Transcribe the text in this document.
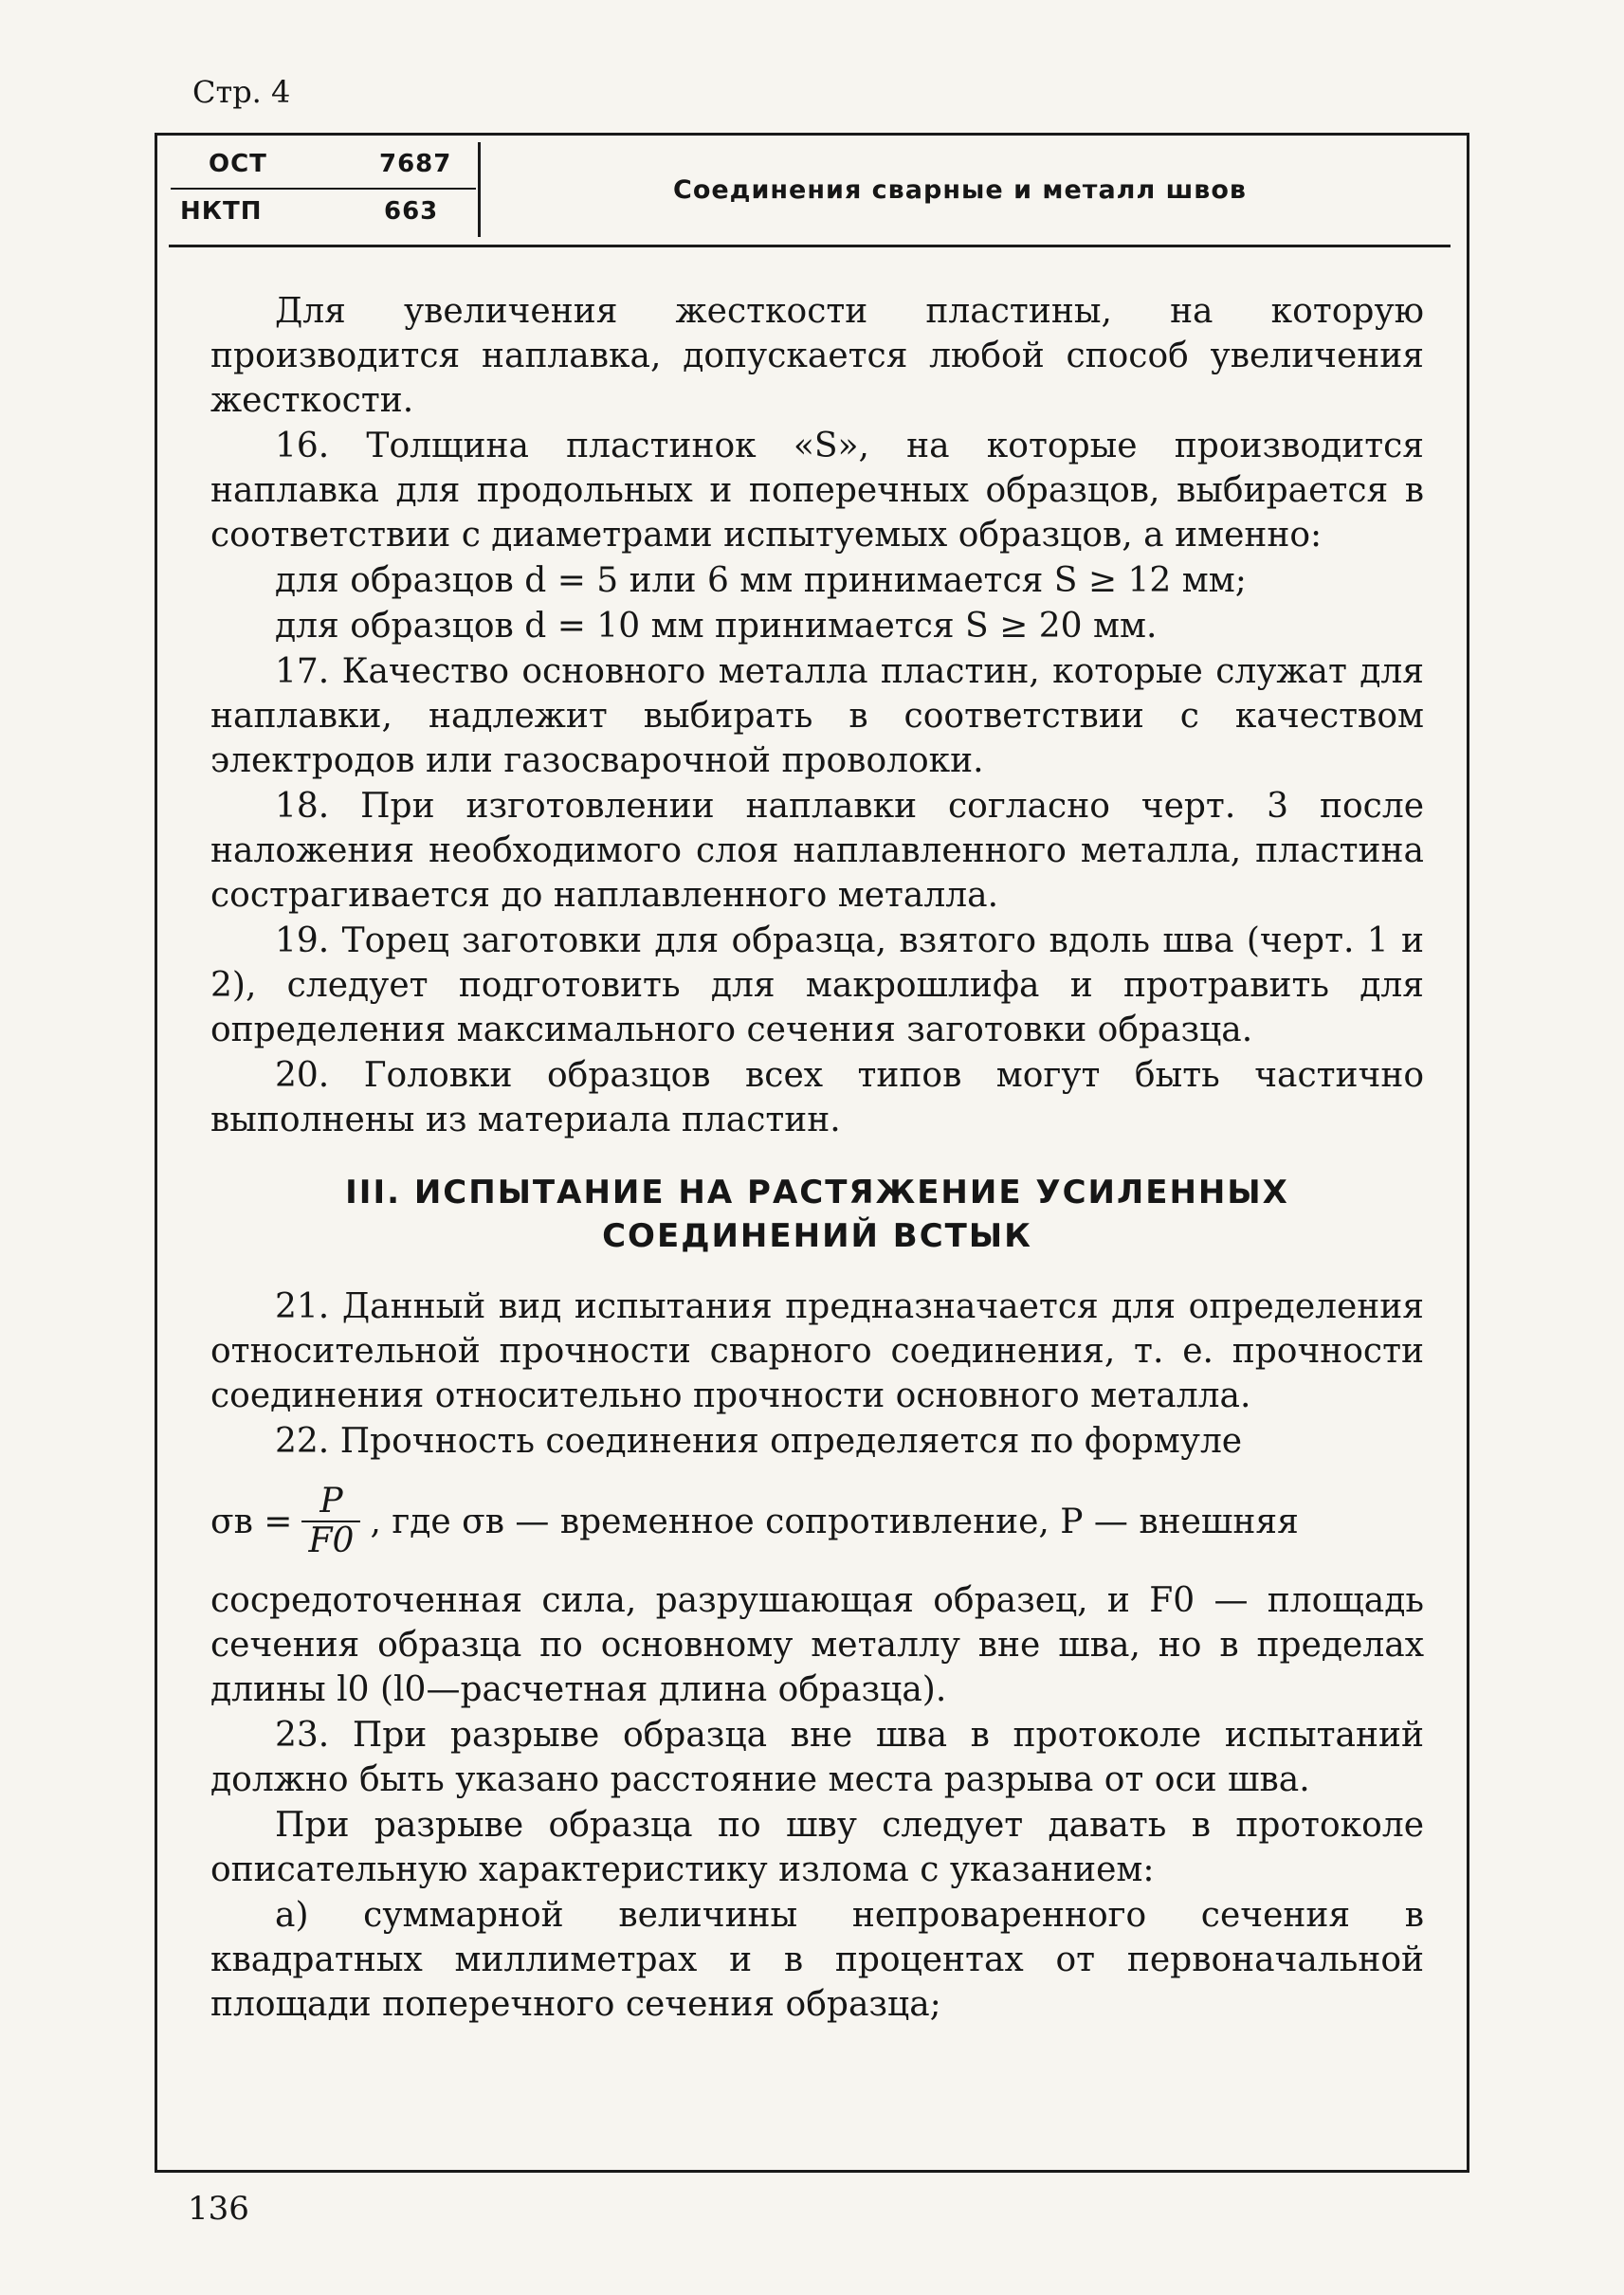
Стр. 4
ОСТ	7687
НКТП	663
Соединения сварные и металл швов

Для увеличения жесткости пластины, на которую производится наплавка, допускается любой способ увеличения жесткости.

16. Толщина пластинок «S», на которые производится наплавка для продольных и поперечных образцов, выбирается в соответствии с диаметрами испытуемых образцов, а именно:

для образцов d = 5 или 6 мм принимается S ≥ 12 мм;

для образцов d = 10 мм принимается S ≥ 20 мм.

17. Качество основного металла пластин, которые служат для наплавки, надлежит выбирать в соответствии с качеством электродов или газосварочной проволоки.

18. При изготовлении наплавки согласно черт. 3 после наложения необходимого слоя наплавленного металла, пластина сострагивается до наплавленного металла.

19. Торец заготовки для образца, взятого вдоль шва (черт. 1 и 2), следует подготовить для макрошлифа и протравить для определения максимального сечения заготовки образца.

20. Головки образцов всех типов могут быть частично выполнены из материала пластин.

III. ИСПЫТАНИЕ НА РАСТЯЖЕНИЕ УСИЛЕННЫХ СОЕДИНЕНИЙ ВСТЫК

21. Данный вид испытания предназначается для определения относительной прочности сварного соединения, т. е. прочности соединения относительно прочности основного металла.

22. Прочность соединения определяется по формуле

$\sigma в = \frac{P}{F0}$ , где σв — временное сопротивление, P — внешняя

сосредоточенная сила, разрушающая образец, и F0 — площадь сечения образца по основному металлу вне шва, но в пределах длины l0 (l0—расчетная длина образца).

23. При разрыве образца вне шва в протоколе испытаний должно быть указано расстояние места разрыва от оси шва.

При разрыве образца по шву следует давать в протоколе описательную характеристику излома с указанием:

а) суммарной величины непроваренного сечения в квадратных миллиметрах и в процентах от первоначальной площади поперечного сечения образца;

136
